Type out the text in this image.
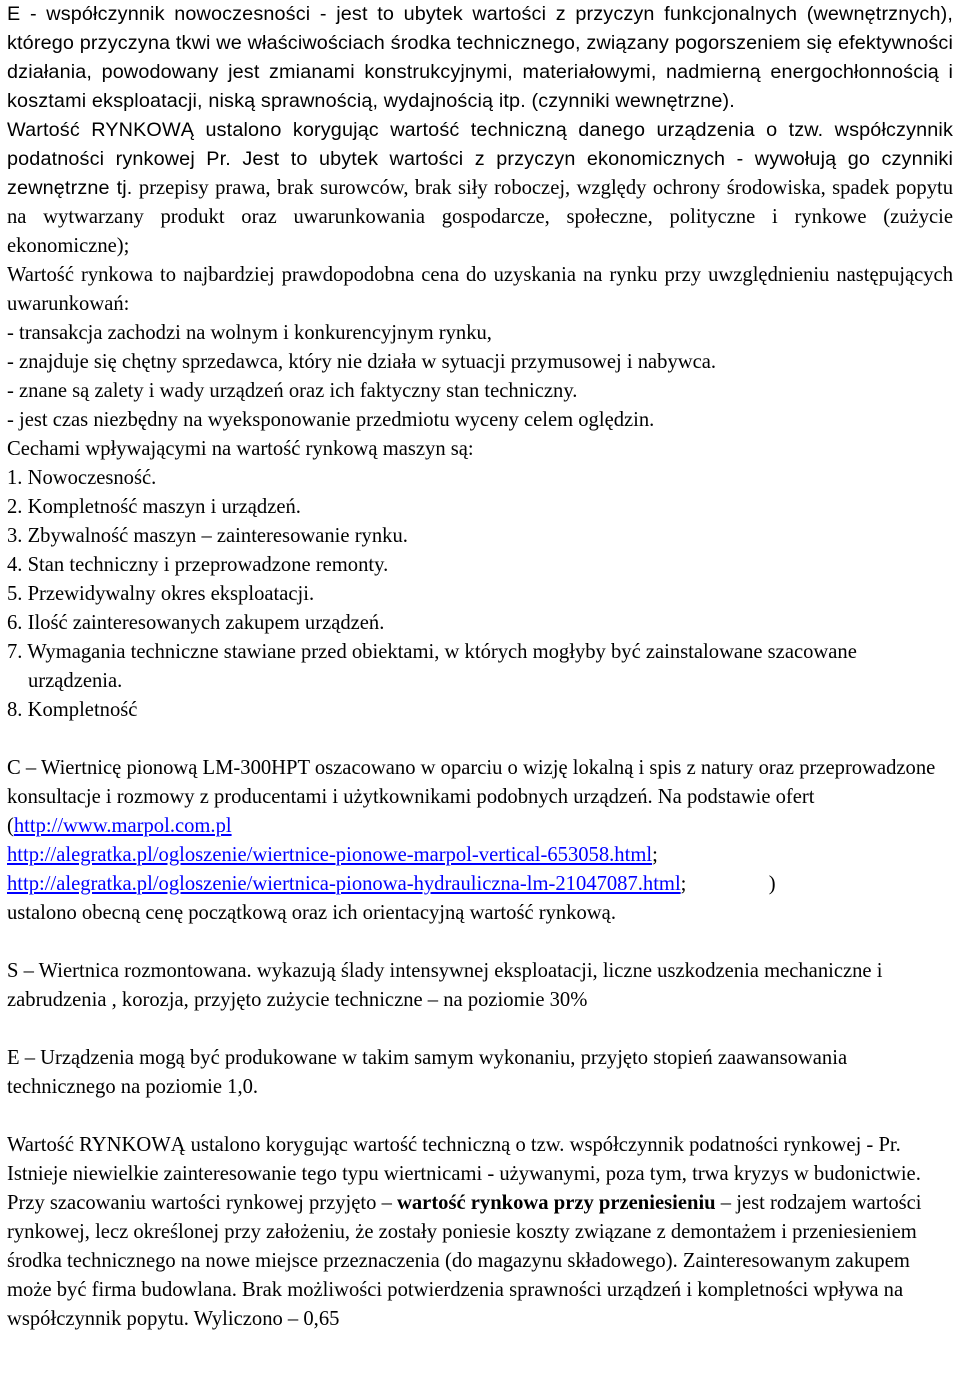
E - współczynnik nowoczesności - jest to ubytek wartości z przyczyn funkcjonalnych (wewnętrznych), którego przyczyna tkwi we właściwościach środka technicznego, związany pogorszeniem się efektywności działania, powodowany jest zmianami konstrukcyjnymi, materiałowymi, nadmierną energochłonnością i kosztami eksploatacji, niską sprawnością, wydajnością itp. (czynniki wewnętrzne).

Wartość RYNKOWĄ ustalono korygując wartość techniczną danego urządzenia o tzw. współczynnik podatności rynkowej Pr. Jest to ubytek wartości z przyczyn ekonomicznych - wywołują go czynniki zewnętrzne tj. przepisy prawa, brak surowców, brak siły roboczej, względy ochrony środowiska, spadek popytu na wytwarzany produkt oraz uwarunkowania gospodarcze, społeczne, polityczne i rynkowe (zużycie ekonomiczne);

Wartość rynkowa to najbardziej prawdopodobna cena do uzyskania na rynku przy uwzględnieniu następujących uwarunkowań:

- transakcja zachodzi na wolnym i konkurencyjnym rynku,

- znajduje się chętny sprzedawca, który nie działa w sytuacji przymusowej i nabywca.

- znane są zalety i wady urządzeń oraz ich faktyczny stan techniczny.

- jest czas niezbędny na wyeksponowanie przedmiotu wyceny celem oględzin.

Cechami wpływającymi na wartość rynkową maszyn są:

1. Nowoczesność.

2. Kompletność maszyn i urządzeń.

3. Zbywalność maszyn – zainteresowanie rynku.

4. Stan techniczny i przeprowadzone remonty.

5. Przewidywalny okres eksploatacji.

6. Ilość zainteresowanych zakupem urządzeń.

7. Wymagania techniczne stawiane przed obiektami, w których mogłyby być zainstalowane szacowane urządzenia.

8. Kompletność

C – Wiertnicę pionową LM-300HPT oszacowano w oparciu o wizję lokalną i spis z natury oraz przeprowadzone konsultacje i rozmowy z producentami i użytkownikami podobnych urządzeń. Na podstawie ofert (http://www.marpol.com.pl
http://alegratka.pl/ogloszenie/wiertnice-pionowe-marpol-vertical-653058.html;
http://alegratka.pl/ogloszenie/wiertnica-pionowa-hydrauliczna-lm-21047087.html;                )
ustalono obecną cenę początkową oraz ich orientacyjną wartość rynkową.

S – Wiertnica rozmontowana. wykazują ślady intensywnej eksploatacji, liczne uszkodzenia mechaniczne i zabrudzenia , korozja, przyjęto zużycie techniczne – na poziomie 30%

E – Urządzenia mogą być produkowane w takim samym wykonaniu, przyjęto stopień zaawansowania technicznego na poziomie 1,0.

Wartość RYNKOWĄ ustalono korygując wartość techniczną o tzw. współczynnik podatności rynkowej - Pr. Istnieje niewielkie zainteresowanie tego typu wiertnicami - używanymi, poza tym, trwa kryzys w budonictwie. Przy szacowaniu wartości rynkowej przyjęto – wartość rynkowa przy przeniesieniu – jest rodzajem wartości rynkowej, lecz określonej przy założeniu, że zostały poniesie koszty związane z demontażem i przeniesieniem środka technicznego na nowe miejsce przeznaczenia (do magazynu składowego). Zainteresowanym zakupem może być firma budowlana. Brak możliwości potwierdzenia sprawności urządzeń i kompletności wpływa na współczynnik popytu. Wyliczono – 0,65
